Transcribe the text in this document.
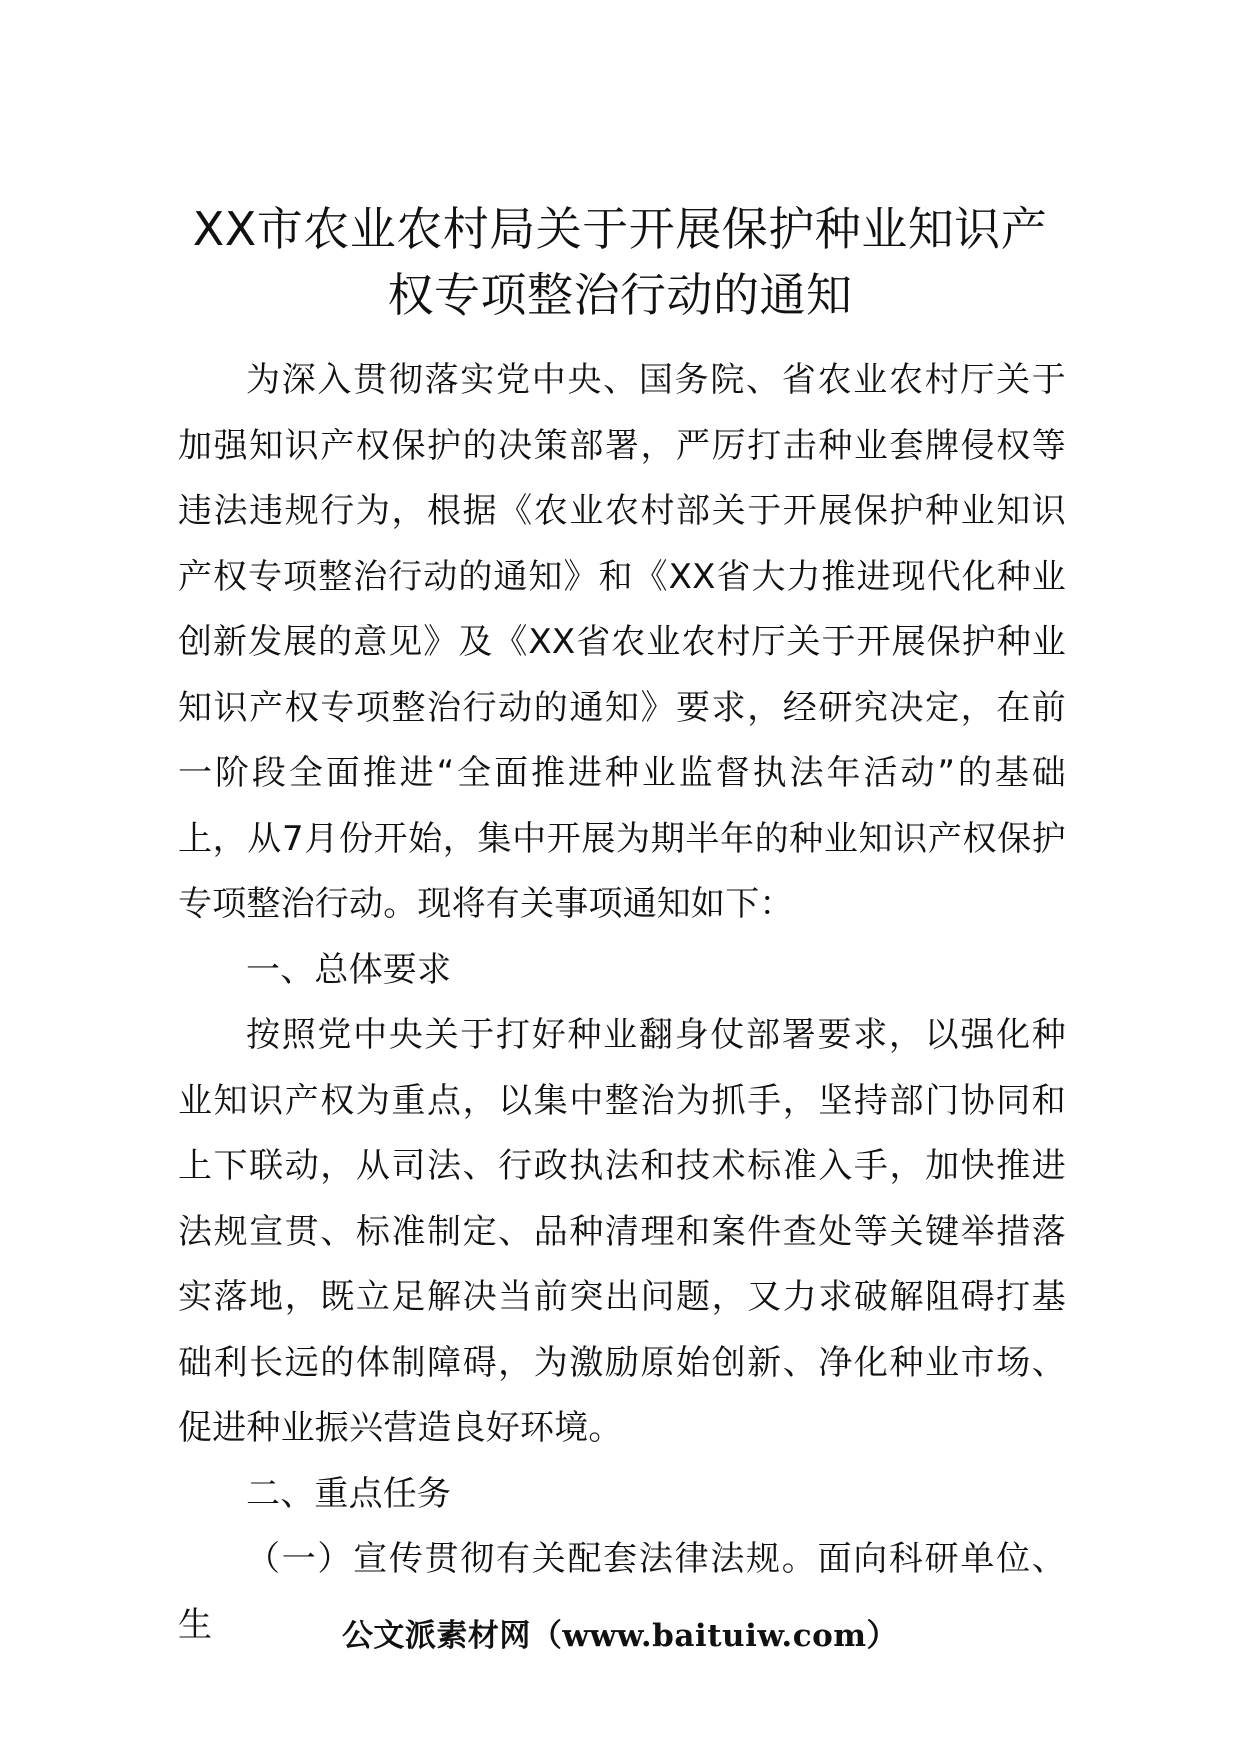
XX市农业农村局关于开展保护种业知识产
权专项整治行动的通知

为深入贯彻落实党中央、国务院、省农业农村厅关于加强知识产权保护的决策部署，严厉打击种业套牌侵权等违法违规行为，根据《农业农村部关于开展保护种业知识产权专项整治行动的通知》和《XX省大力推进现代化种业创新发展的意见》及《XX省农业农村厅关于开展保护种业知识产权专项整治行动的通知》要求，经研究决定，在前一阶段全面推进“全面推进种业监督执法年活动”的基础上，从7月份开始，集中开展为期半年的种业知识产权保护专项整治行动。现将有关事项通知如下：

一、总体要求

按照党中央关于打好种业翻身仗部署要求，以强化种业知识产权为重点，以集中整治为抓手，坚持部门协同和上下联动，从司法、行政执法和技术标准入手，加快推进法规宣贯、标准制定、品种清理和案件查处等关键举措落实落地，既立足解决当前突出问题，又力求破解阻碍打基础利长远的体制障碍，为激励原始创新、净化种业市场、促进种业振兴营造良好环境。

二、重点任务

（一）宣传贯彻有关配套法律法规。面向科研单位、生	公文派素材网（www.baituiw.com）
